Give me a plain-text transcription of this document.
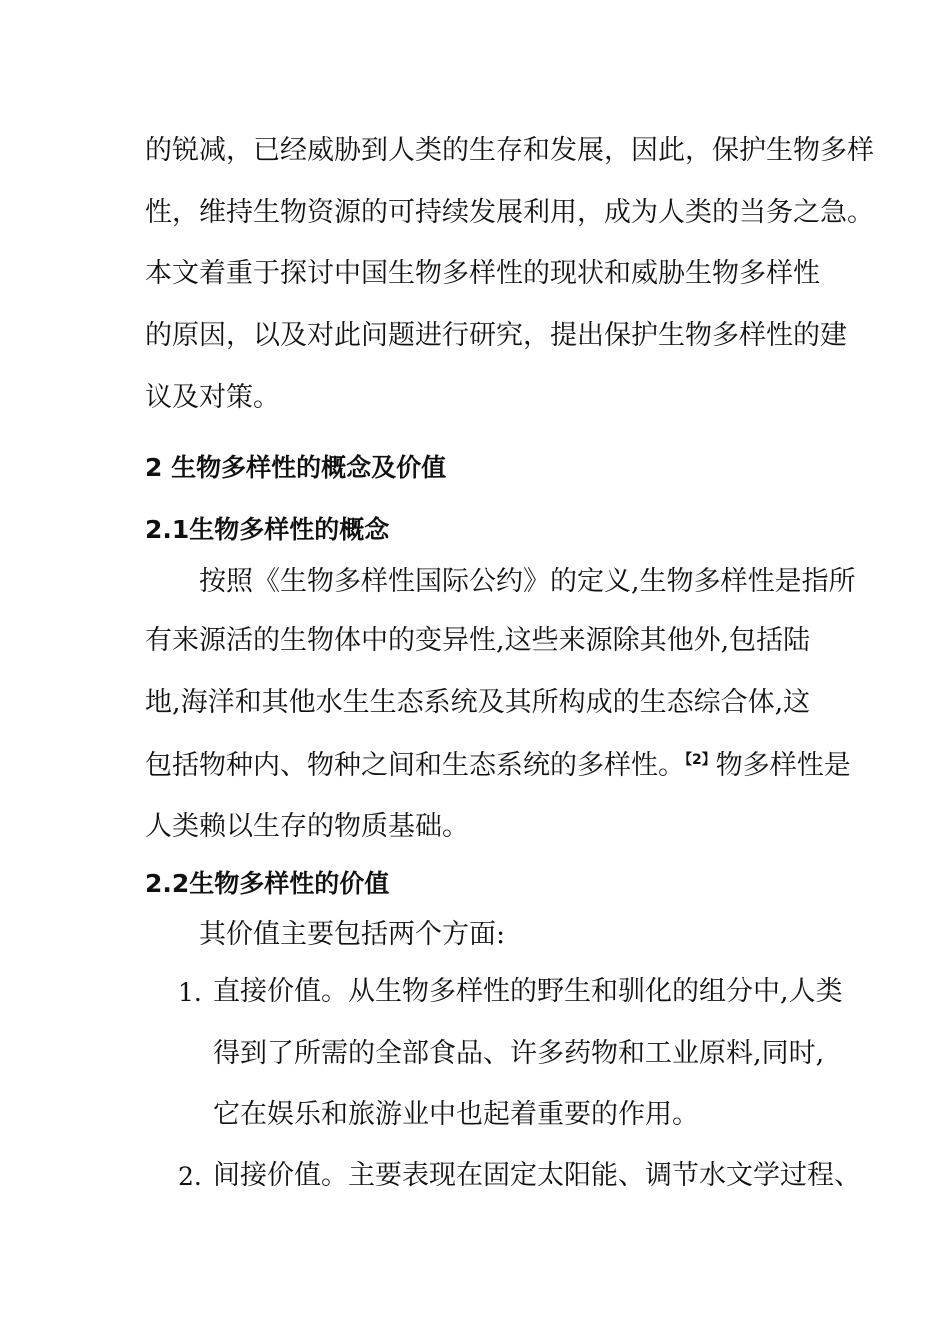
的锐减，已经威胁到人类的生存和发展，因此，保护生物多样
性，维持生物资源的可持续发展利用，成为人类的当务之急。
本文着重于探讨中国生物多样性的现状和威胁生物多样性
的原因，以及对此问题进行研究，提出保护生物多样性的建
议及对策。
2 生物多样性的概念及价值
2.1生物多样性的概念
按照《生物多样性国际公约》的定义,生物多样性是指所
有来源活的生物体中的变异性,这些来源除其他外,包括陆
地,海洋和其他水生生态系统及其所构成的生态综合体,这
包括物种内、物种之间和生态系统的多样性。$^{【2】}$物多样性是
人类赖以生存的物质基础。
2.2生物多样性的价值
其价值主要包括两个方面:
1. 直接价值。从生物多样性的野生和驯化的组分中,人类
得到了所需的全部食品、许多药物和工业原料,同时,
它在娱乐和旅游业中也起着重要的作用。
2. 间接价值。主要表现在固定太阳能、调节水文学过程、
